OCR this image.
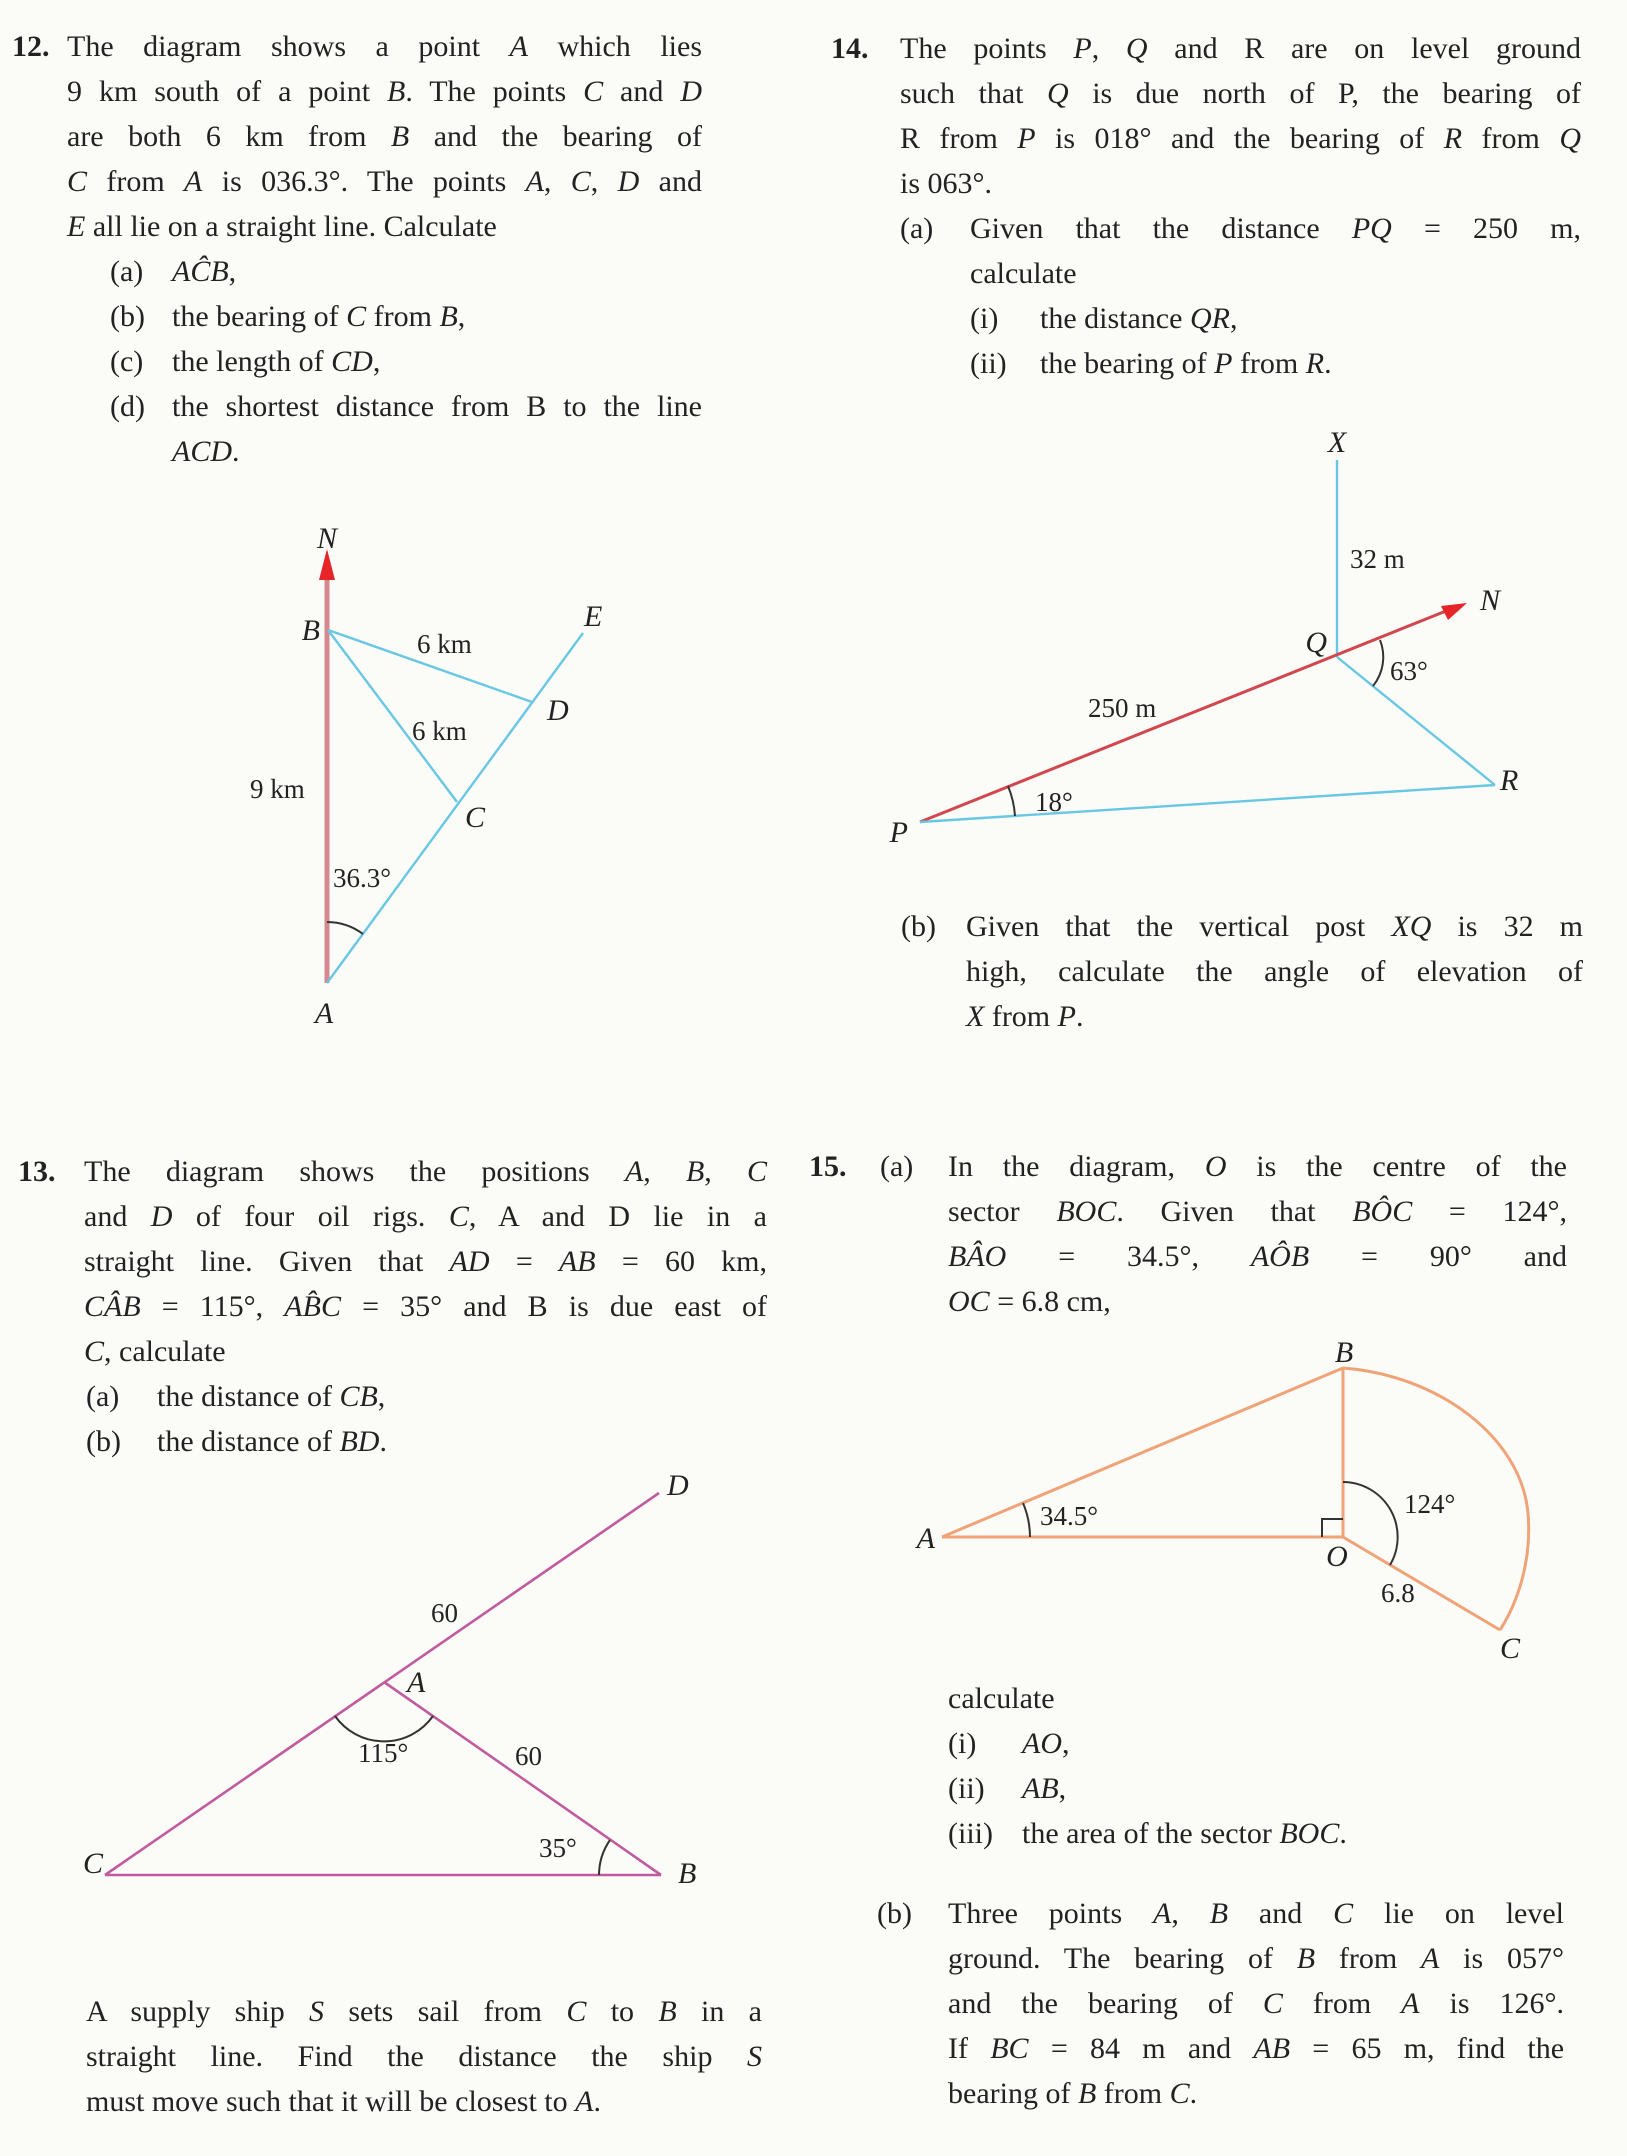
12. The diagram shows a point A which lies
9 km south of a point B. The points C and D
are both 6 km from B and the bearing of
C from A is 036.3°. The points A, C, D and
E all lie on a straight line. Calculate
(a) AĈB,
(b) the bearing of C from B,
(c) the length of CD,
(d) the shortest distance from B to the line
ACD.
N
B	E
D
C
A
9 km
6 km
6 km
36.3°
13. The diagram shows the positions A, B, C
and D of four oil rigs. C, A and D lie in a
straight line. Given that AD = AB = 60 km,
CÂB = 115°, AB̂C = 35° and B is due east of
C, calculate
(a) the distance of CB,
(b) the distance of BD.
D
A
60
115°	60
35°
C	B
A supply ship S sets sail from C to B in a
straight line. Find the distance the ship S
must move such that it will be closest to A.
14. The points P, Q and R are on level ground
such that Q is due north of P, the bearing of
R from P is 018° and the bearing of R from Q
is 063°.
(a) Given that the distance PQ = 250 m,
calculate
(i) the distance QR,
(ii) the bearing of P from R.
X
32 m
Q
N
63°
250 m
18°
P
R
(b) Given that the vertical post XQ is 32 m
high, calculate the angle of elevation of
X from P.
15. (a) In the diagram, O is the centre of the
sector BOC. Given that BÔC = 124°,
BÂO = 34.5°, AÔB = 90° and
OC = 6.8 cm,
B
A
O
C
124°
34.5°
6.8
calculate
(i) AO,
(ii) AB,
(iii) the area of the sector BOC.
(b) Three points A, B and C lie on level
ground. The bearing of B from A is 057°
and the bearing of C from A is 126°.
If BC = 84 m and AB = 65 m, find the
bearing of B from C.
